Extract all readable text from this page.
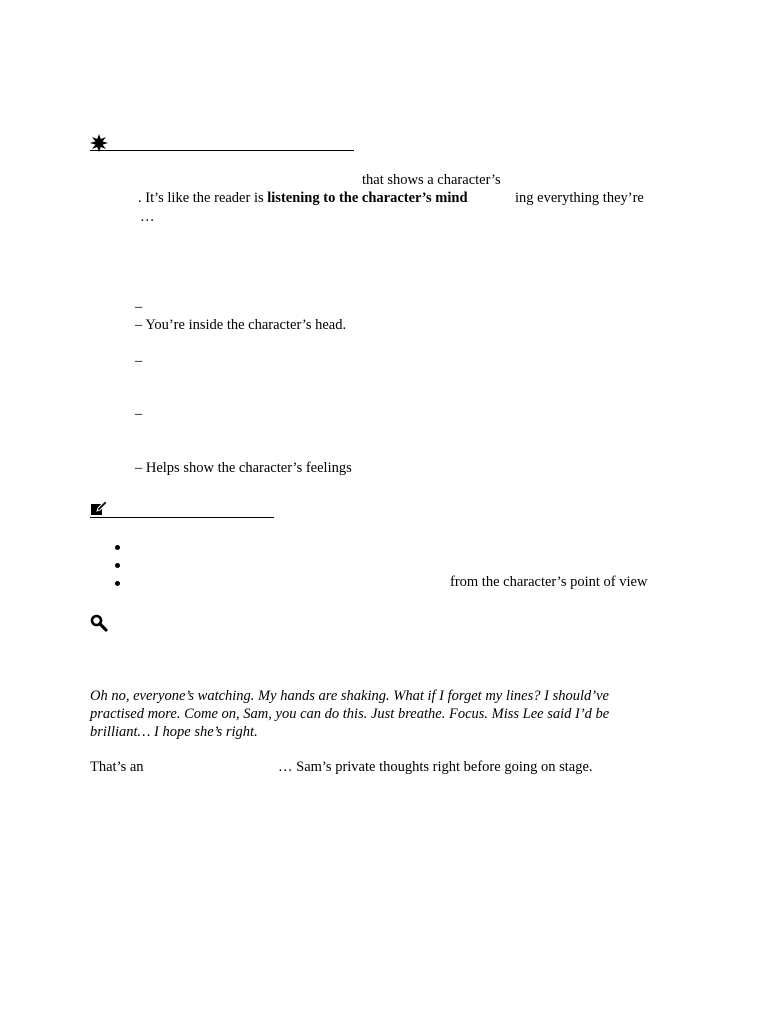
that shows a character’s
. It’s like the reader is listening to the character’s mind	ing everything they’re
…
–
– You’re inside the character’s head.
–
–
– Helps show the character’s feelings
from the character’s point of view
Oh no, everyone’s watching. My hands are shaking. What if I forget my lines? I should’ve practised more. Come on, Sam, you can do this. Just breathe. Focus. Miss Lee said I’d be brilliant… I hope she’s right.
That’s an	… Sam’s private thoughts right before going on stage.
